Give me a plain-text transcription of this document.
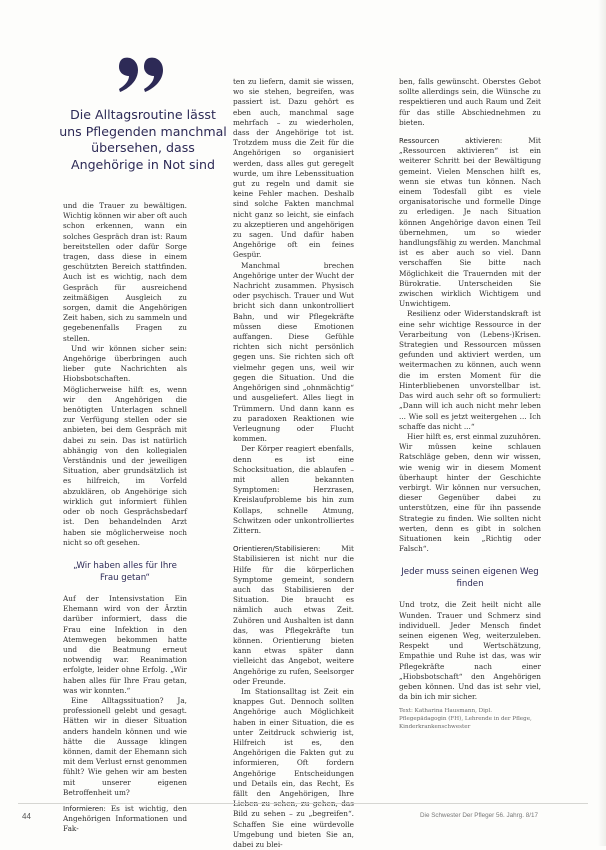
Die Alltagsroutine lässt uns Pflegenden manchmal übersehen, dass Angehörige in Not sind

und die Trauer zu bewältigen. Wichtig können wir aber oft auch schon erkennen, wann ein solches Gespräch dran ist: Raum bereitstellen oder dafür Sorge tragen, dass diese in einem geschützten Bereich stattfinden. Auch ist es wichtig, nach dem Gespräch für ausreichend zeitmäßigen Ausgleich zu sorgen, damit die Angehörigen Zeit haben, sich zu sammeln und gegebenenfalls Fragen zu stellen.

Und wir können sicher sein: Angehörige überbringen auch lieber gute Nachrichten als Hiobsbotschaften. Möglicherweise hilft es, wenn wir den Angehörigen die benötigten Unterlagen schnell zur Verfügung stellen oder sie anbieten, bei dem Gespräch mit dabei zu sein. Das ist natürlich abhängig von den kollegialen Verständnis und der jeweiligen Situation, aber grundsätzlich ist es hilfreich, im Vorfeld abzuklären, ob Angehörige sich wirklich gut informiert fühlen oder ob noch Gesprächsbedarf ist. Den behandelnden Arzt haben sie möglicherweise noch nicht so oft gesehen.

„Wir haben alles für Ihre Frau getan“

Auf der Intensivstation Ein Ehemann wird von der Ärztin darüber informiert, dass die Frau eine Infektion in den Atemwegen bekommen hatte und die Beatmung erneut notwendig war. Reanimation erfolgte, leider ohne Erfolg. „Wir haben alles für Ihre Frau getan, was wir konnten.“

Eine Alltagssituation? Ja, professionell gelebt und gesagt. Hätten wir in dieser Situation anders handeln können und wie hätte die Aussage klingen können, damit der Ehemann sich mit dem Verlust ernst genommen fühlt? Wie gehen wir am besten mit unserer eigenen Betroffenheit um?

Informieren: Es ist wichtig, den Angehörigen Informationen und Fak-

ten zu liefern, damit sie wissen, wo sie stehen, begreifen, was passiert ist. Dazu gehört es eben auch, manchmal sage mehrfach – zu wiederholen, dass der Angehörige tot ist. Trotzdem muss die Zeit für die Angehörigen so organisiert werden, dass alles gut geregelt wurde, um ihre Lebenssituation gut zu regeln und damit sie keine Fehler machen. Deshalb sind solche Fakten manchmal nicht ganz so leicht, sie einfach zu akzeptieren und angehörigen zu sagen. Und dafür haben Angehörige oft ein feines Gespür.

Manchmal brechen Angehörige unter der Wucht der Nachricht zusammen. Physisch oder psychisch. Trauer und Wut bricht sich dann unkontrolliert Bahn, und wir Pflegekräfte müssen diese Emotionen auffangen. Diese Gefühle richten sich nicht persönlich gegen uns. Sie richten sich oft vielmehr gegen uns, weil wir gegen die Situation. Und die Angehörigen sind „ohnmächtig“ und ausgeliefert. Alles liegt in Trümmern. Und dann kann es zu paradoxen Reaktionen wie Verleugnung oder Flucht kommen.

Der Körper reagiert ebenfalls, denn es ist eine Schocksituation, die ablaufen – mit allen bekannten Symptomen: Herzrasen, Kreislaufprobleme bis hin zum Kollaps, schnelle Atmung, Schwitzen oder unkontrolliertes Zittern.

Orientieren/Stabilisieren: Mit Stabilisieren ist nicht nur die Hilfe für die körperlichen Symptome gemeint, sondern auch das Stabilisieren der Situation. Die braucht es nämlich auch etwas Zeit. Zuhören und Aushalten ist dann das, was Pflegekräfte tun können. Orientierung bieten kann etwas später dann vielleicht das Angebot, weitere Angehörige zu rufen, Seelsorger oder Freunde.

Im Stationsalltag ist Zeit ein knappes Gut. Dennoch sollten Angehörige auch Möglichkeit haben in einer Situation, die es unter Zeitdruck schwierig ist, Hilfreich ist es, den Angehörigen die Fakten gut zu informieren, Oft fordern Angehörige Entscheidungen und Details ein, das Recht, Es fällt den Angehörigen, Ihre Lieben zu sehen, zu gehen, das Bild zu sehen – zu „begreifen“. Schaffen Sie eine würdevolle Umgebung und bieten Sie an, dabei zu blei-

ben, falls gewünscht. Oberstes Gebot sollte allerdings sein, die Wünsche zu respektieren und auch Raum und Zeit für das stille Abschiednehmen zu bieten.

Ressourcen aktivieren: Mit „Ressourcen aktivieren“ ist ein weiterer Schritt bei der Bewältigung gemeint. Vielen Menschen hilft es, wenn sie etwas tun können. Nach einem Todesfall gibt es viele organisatorische und formelle Dinge zu erledigen. Je nach Situation können Angehörige davon einen Teil übernehmen, um so wieder handlungsfähig zu werden. Manchmal ist es aber auch so viel. Dann verschaffen Sie bitte nach Möglichkeit die Trauernden mit der Bürokratie. Unterscheiden Sie zwischen wirklich Wichtigem und Unwichtigem.

Resilienz oder Widerstandskraft ist eine sehr wichtige Ressource in der Verarbeitung von (Lebens-)Krisen. Strategien und Ressourcen müssen gefunden und aktiviert werden, um weitermachen zu können, auch wenn die im ersten Moment für die Hinterbliebenen unvorstellbar ist. Das wird auch sehr oft so formuliert: „Dann will ich auch nicht mehr leben ... Wie soll es jetzt weitergehen ... Ich schaffe das nicht ...“

Hier hilft es, erst einmal zuzuhören. Wir müssen keine schlauen Ratschläge geben, denn wir wissen, wie wenig wir in diesem Moment überhaupt hinter der Geschichte verbirgt. Wir können nur versuchen, dieser Gegenüber dabei zu unterstützen, eine für ihn passende Strategie zu finden. Wie sollten nicht werten, denn es gibt in solchen Situationen kein „Richtig oder Falsch“.

Jeder muss seinen eigenen Weg finden

Und trotz, die Zeit heilt nicht alle Wunden. Trauer und Schmerz sind individuell. Jeder Mensch findet seinen eigenen Weg, weiterzuleben. Respekt und Wertschätzung, Empathie und Ruhe ist das, was wir Pflegekräfte nach einer „Hiobsbotschaft“ den Angehörigen geben können. Und das ist sehr viel, da bin ich mir sicher.

Text: Katharina Hausmann, Dipl. Pflegepädagogin (FH), Lehrende in der Pflege, Kinderkrankenschwester
44	Die Schwester Der Pfleger 56. Jahrg. 8/17
